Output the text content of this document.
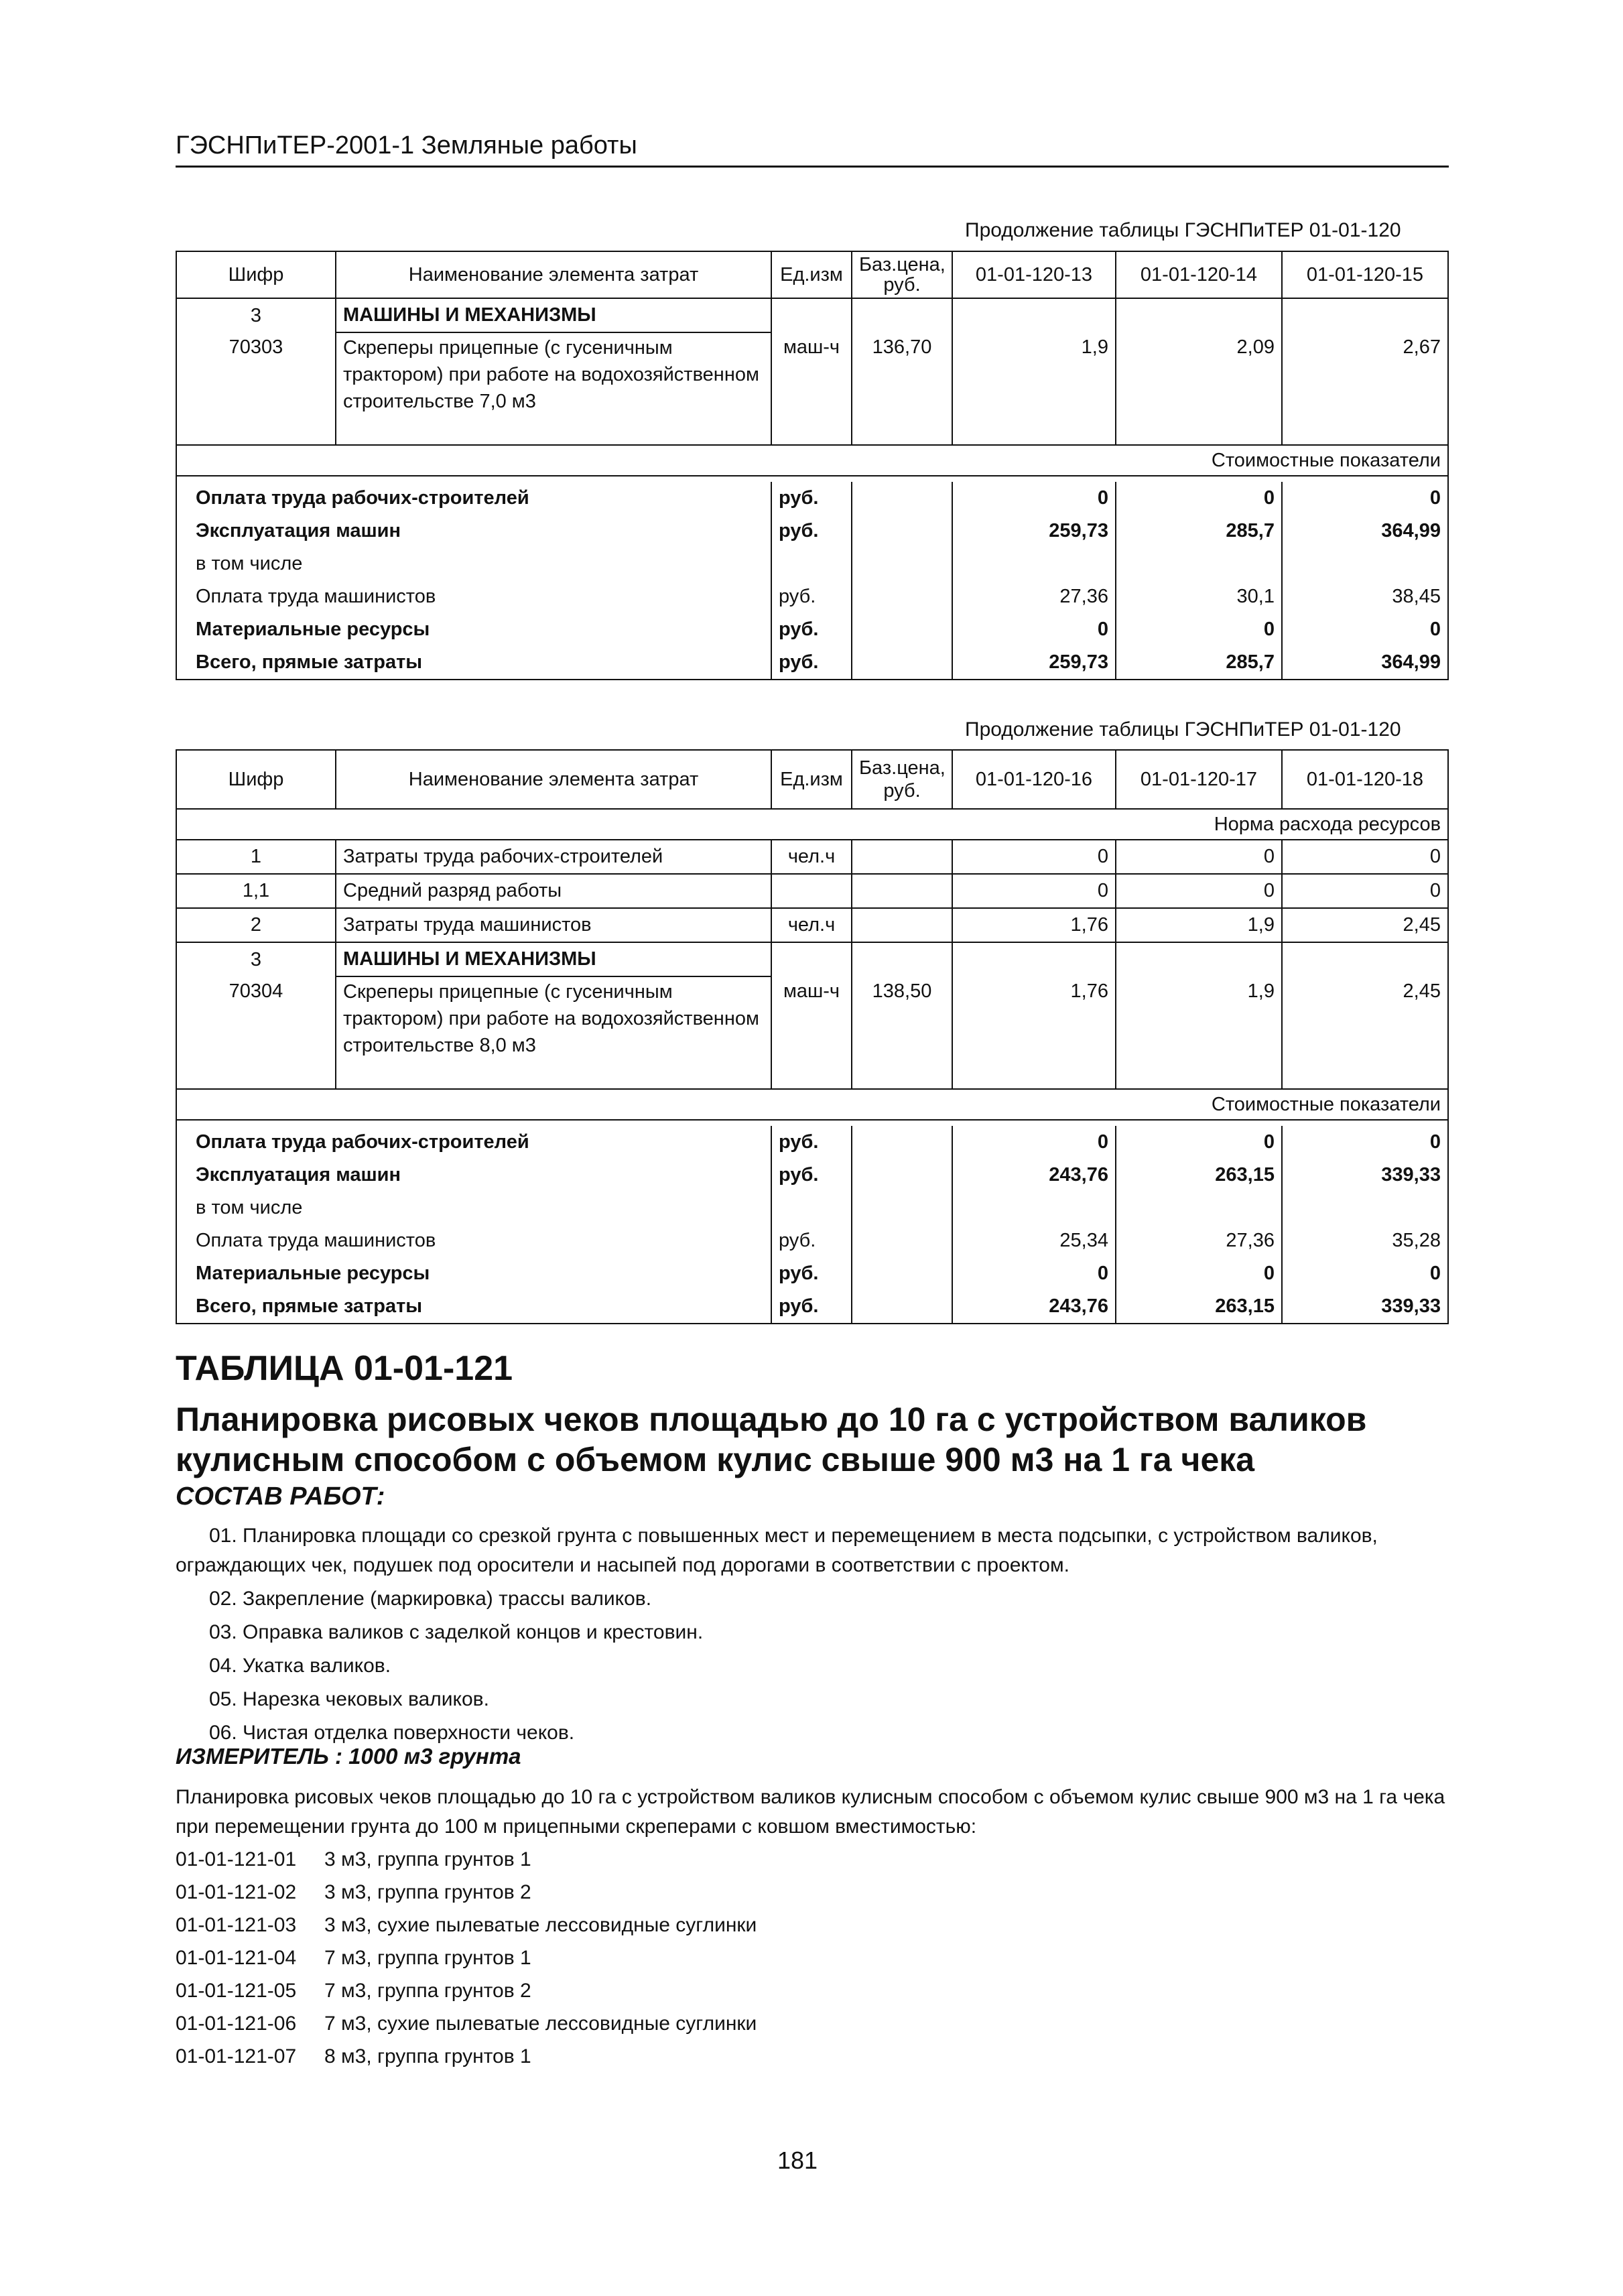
ГЭСНПиТЕР-2001-1 Земляные работы
Продолжение таблицы ГЭСНПиТЕР 01-01-120
Шифр	Наименование элемента затрат	Ед.изм	Баз.цена, руб.	01-01-120-13	01-01-120-14	01-01-120-15
3	МАШИНЫ И МЕХАНИЗМЫ					
70303	Скреперы прицепные (с гусеничным трактором) при работе на водохозяйственном строительстве 7,0 м3	маш-ч	136,70	1,9	2,09	2,67
Стоимостные показатели						

Оплата труда рабочих-строителей		руб.		0	0	0
Эксплуатация машин		руб.		259,73	285,7	364,99
в том числе						
Оплата труда машинистов		руб.		27,36	30,1	38,45
Материальные ресурсы		руб.		0	0	0
Всего, прямые затраты		руб.		259,73	285,7	364,99
Продолжение таблицы ГЭСНПиТЕР 01-01-120
Шифр	Наименование элемента затрат	Ед.изм	Баз.цена, руб.	01-01-120-16	01-01-120-17	01-01-120-18
Норма расхода ресурсов						
1	Затраты труда рабочих-строителей	чел.ч		0	0	0
1,1	Средний разряд работы			0	0	0
2	Затраты труда машинистов	чел.ч		1,76	1,9	2,45
3	МАШИНЫ И МЕХАНИЗМЫ					
70304	Скреперы прицепные (с гусеничным трактором) при работе на водохозяйственном строительстве 8,0 м3	маш-ч	138,50	1,76	1,9	2,45
Стоимостные показатели						

Оплата труда рабочих-строителей		руб.		0	0	0
Эксплуатация машин		руб.		243,76	263,15	339,33
в том числе						
Оплата труда машинистов		руб.		25,34	27,36	35,28
Материальные ресурсы		руб.		0	0	0
Всего, прямые затраты		руб.		243,76	263,15	339,33
ТАБЛИЦА 01-01-121
Планировка рисовых чеков площадью до 10 га с устройством валиков кулисным способом с объемом кулис свыше 900 м3 на 1 га чека
СОСТАВ РАБОТ:
01. Планировка площади со срезкой грунта с повышенных мест и перемещением в места подсыпки, с устройством валиков, ограждающих чек, подушек под оросители и насыпей под дорогами в соответствии с проектом.
02. Закрепление (маркировка) трассы валиков.
03. Оправка валиков с заделкой концов и крестовин.
04. Укатка валиков.
05. Нарезка чековых валиков.
06. Чистая отделка поверхности чеков.
ИЗМЕРИТЕЛЬ : 1000 м3 грунта
Планировка рисовых чеков площадью до 10 га с устройством валиков кулисным способом с объемом кулис свыше 900 м3 на 1 га чека при перемещении грунта до 100 м прицепными скреперами с ковшом вместимостью:
01-01-121-01	3 м3, группа грунтов 1
01-01-121-02	3 м3, группа грунтов 2
01-01-121-03	3 м3, сухие пылеватые лессовидные суглинки
01-01-121-04	7 м3, группа грунтов 1
01-01-121-05	7 м3, группа грунтов 2
01-01-121-06	7 м3, сухие пылеватые лессовидные суглинки
01-01-121-07	8 м3, группа грунтов 1
181
